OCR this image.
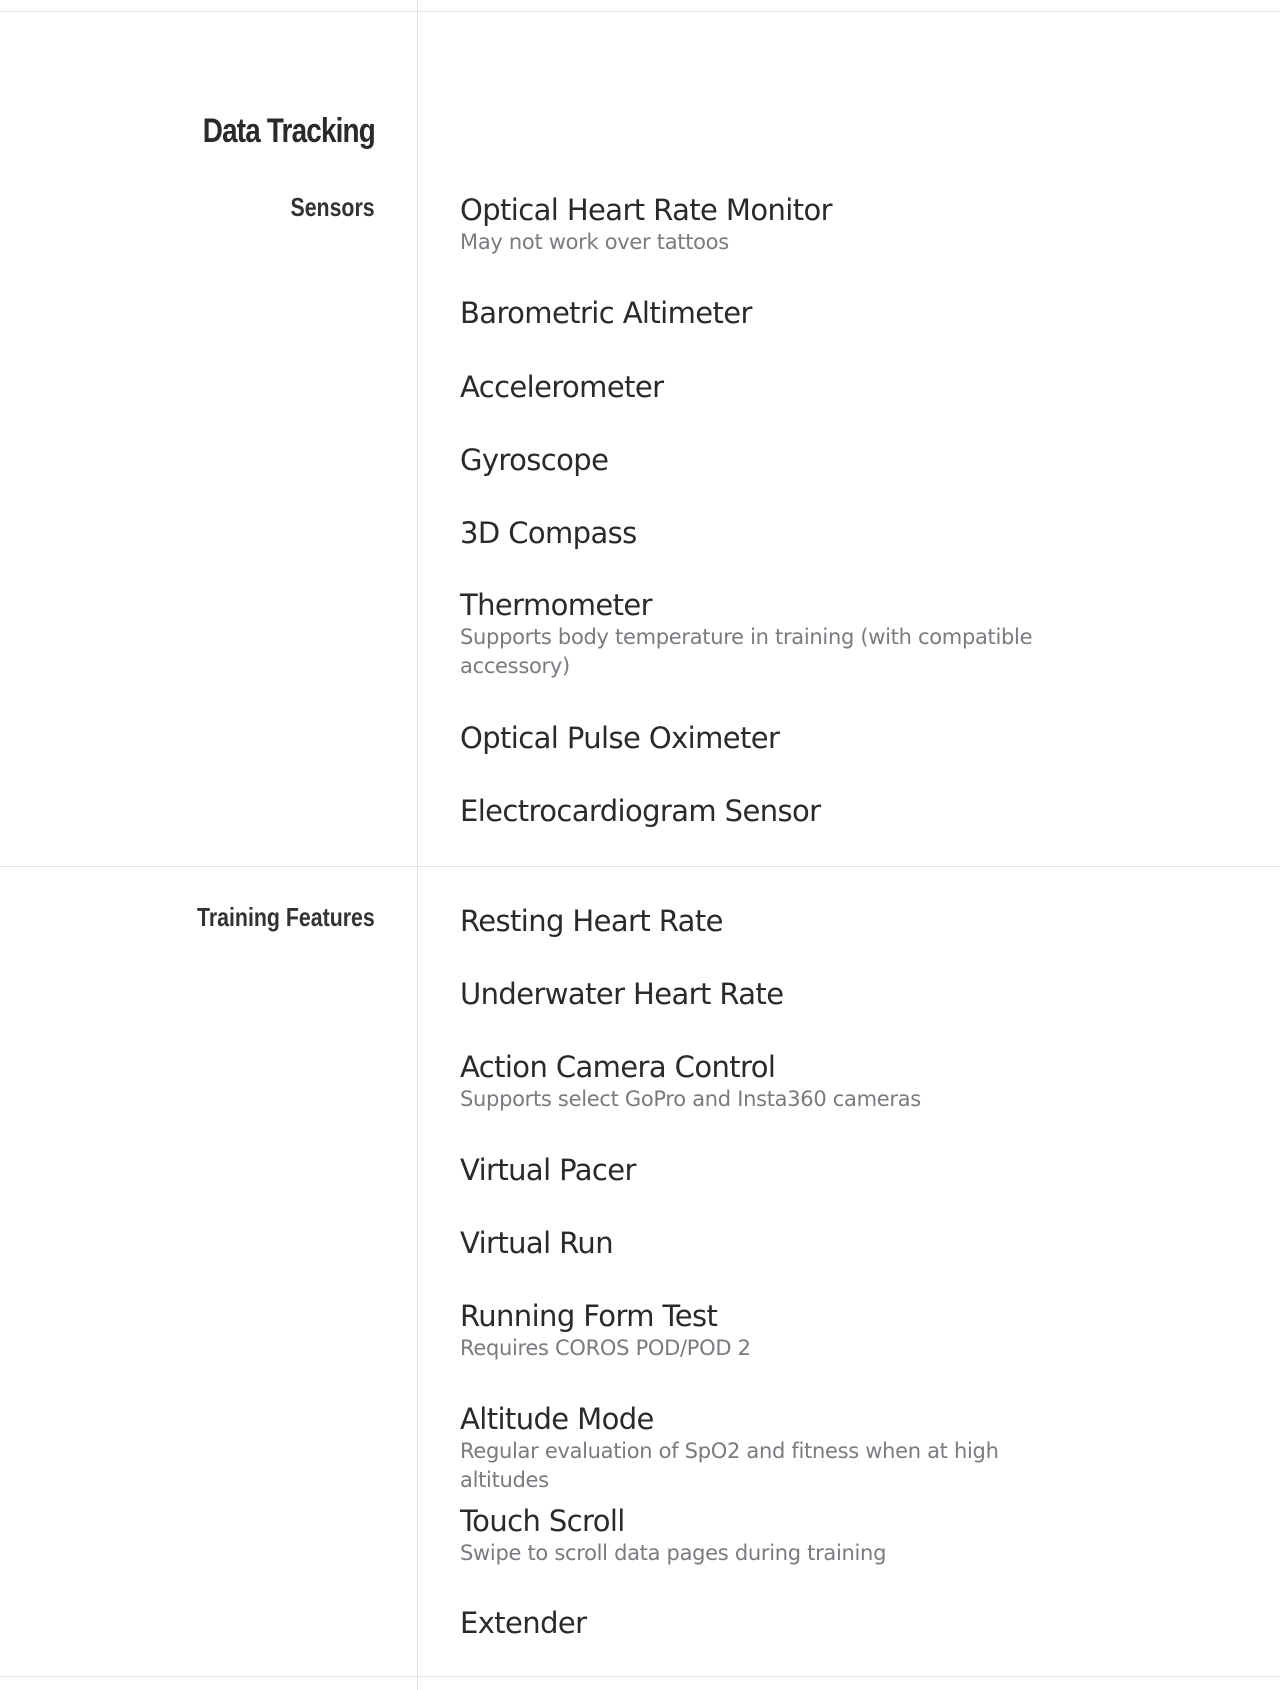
Data Tracking
Sensors	Optical Heart Rate Monitor
May not work over tattoos
Barometric Altimeter
Accelerometer
Gyroscope
3D Compass
Thermometer
Supports body temperature in training (with compatible accessory)
Optical Pulse Oximeter
Electrocardiogram Sensor
Training Features	Resting Heart Rate
Underwater Heart Rate
Action Camera Control
Supports select GoPro and Insta360 cameras
Virtual Pacer
Virtual Run
Running Form Test
Requires COROS POD/POD 2
Altitude Mode
Regular evaluation of SpO2 and fitness when at high altitudes
Touch Scroll
Swipe to scroll data pages during training
Extender
